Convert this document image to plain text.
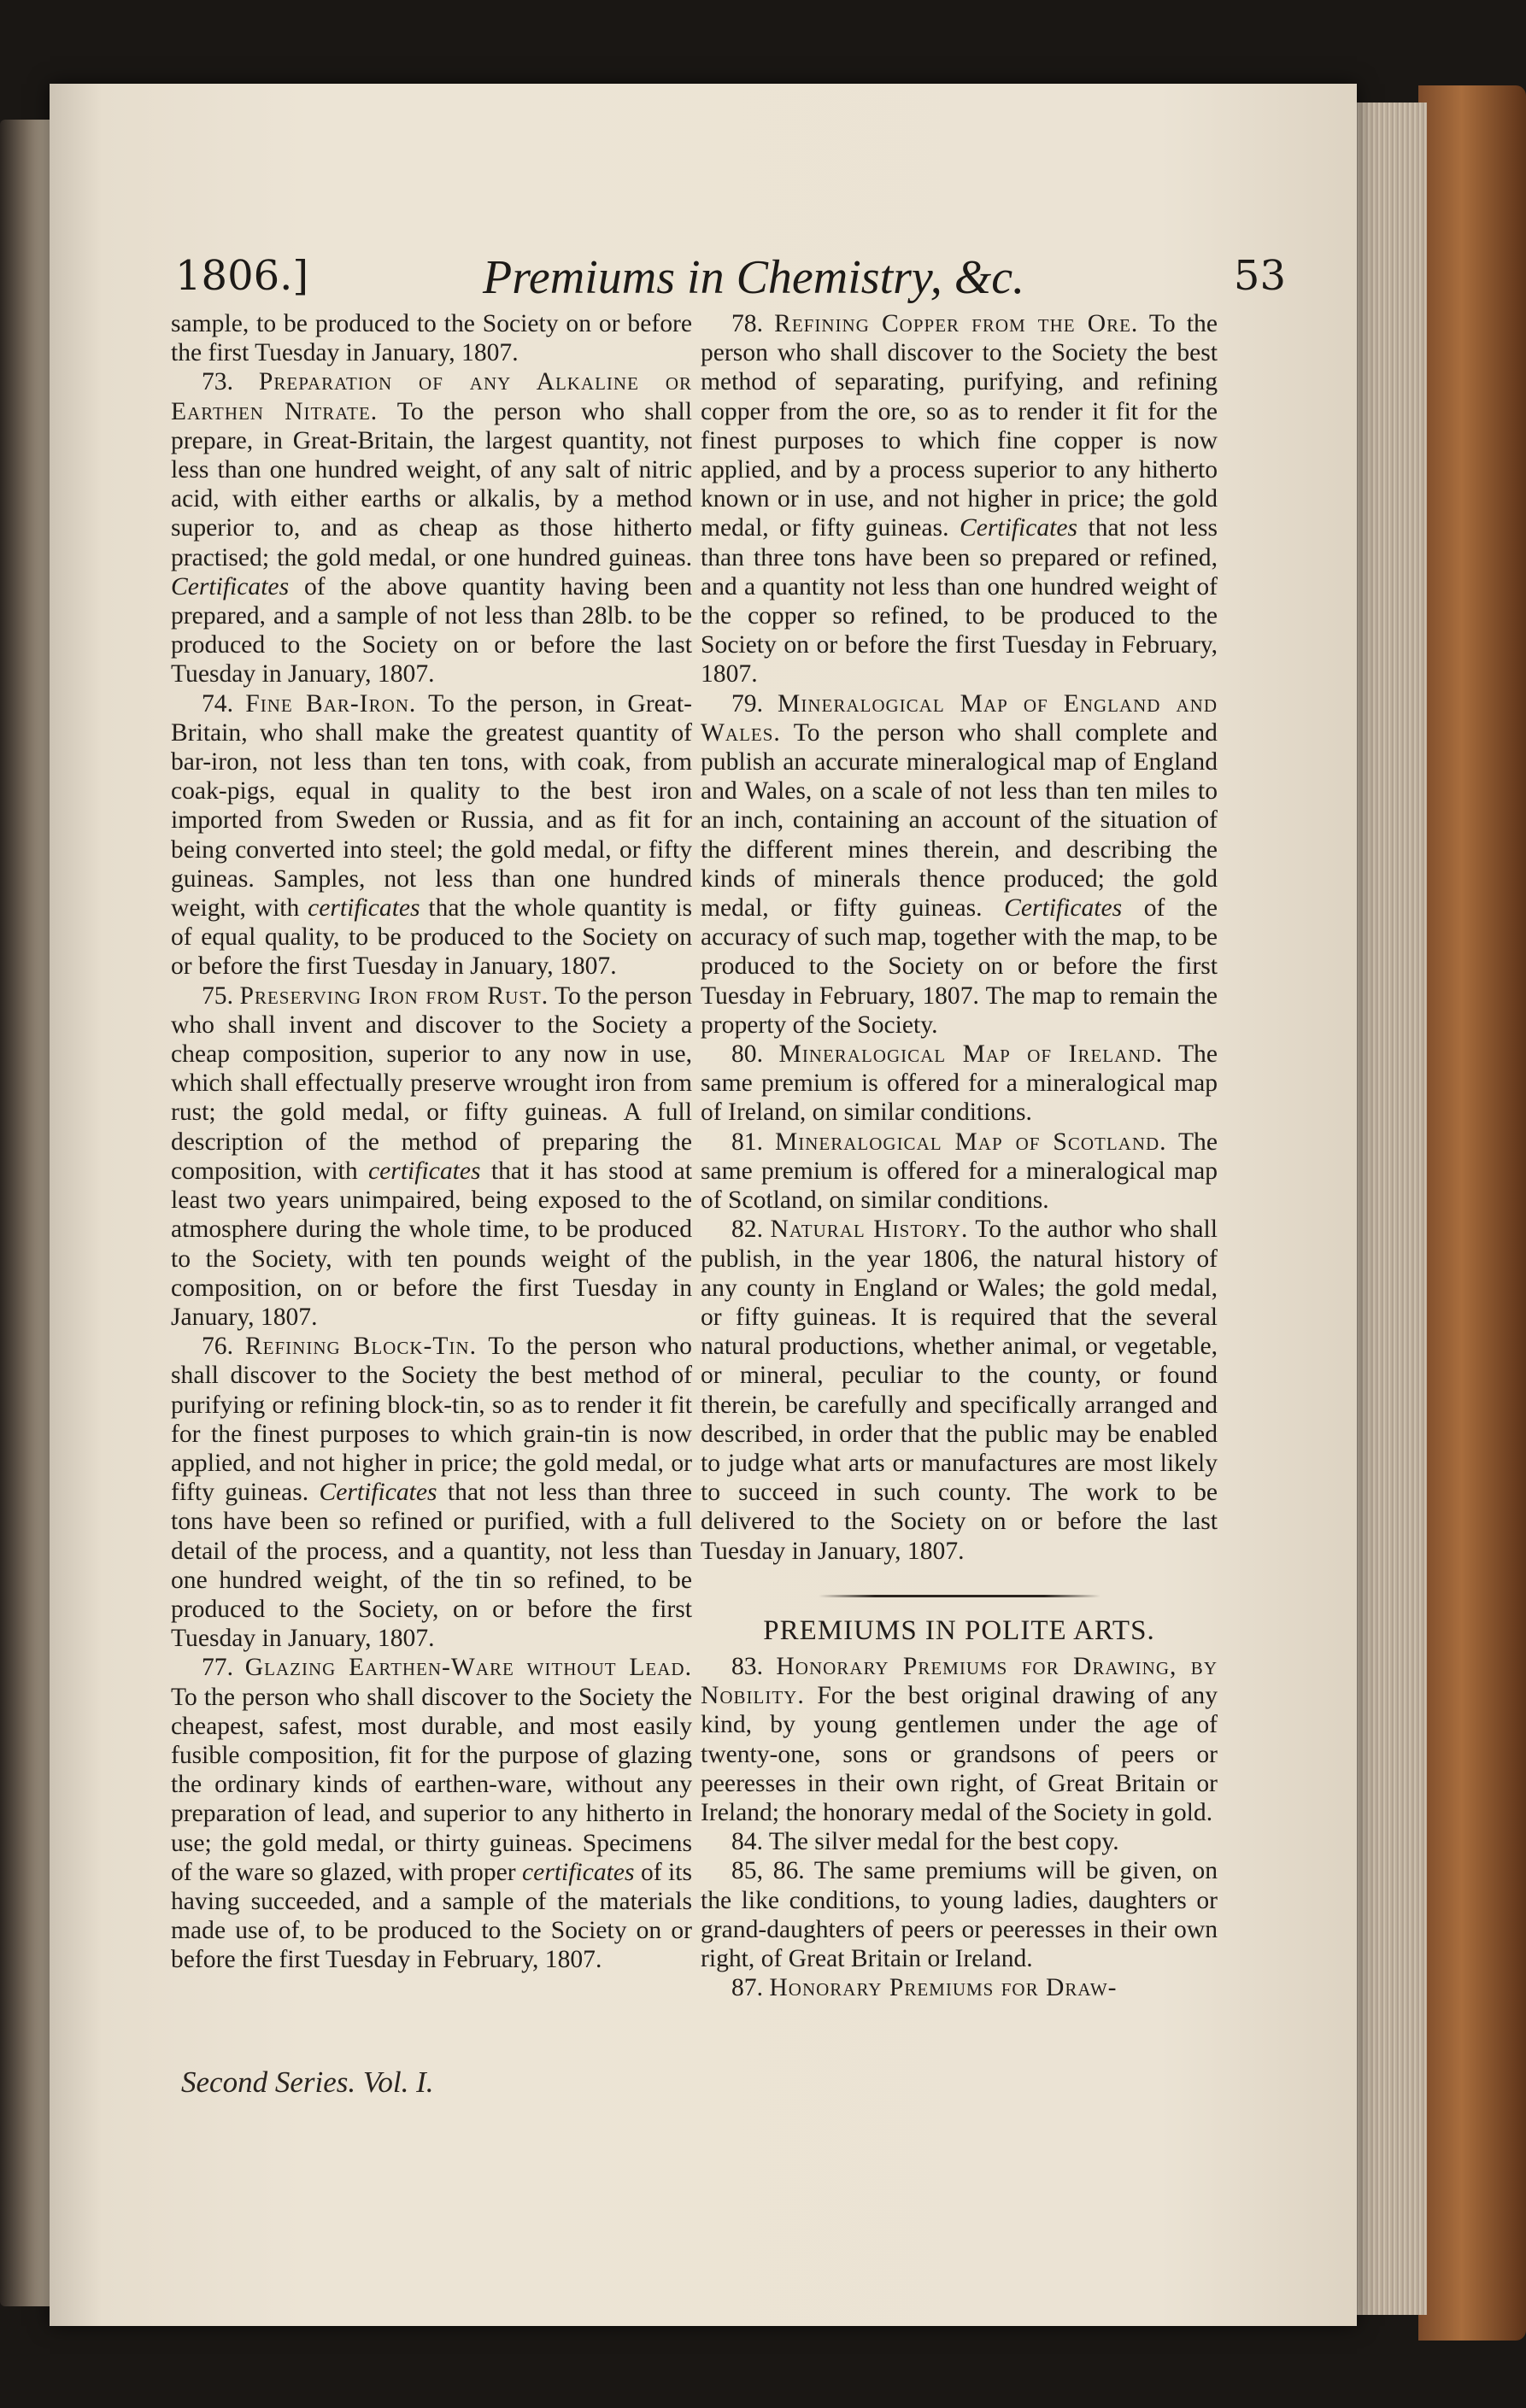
1806.]	Premiums in Chemistry, &c.	53

sample, to be produced to the Society on or before the first Tuesday in January, 1807.

73. Preparation of any Alkaline or Earthen Nitrate. To the person who shall prepare, in Great-Britain, the largest quantity, not less than one hundred weight, of any salt of nitric acid, with either earths or alkalis, by a method superior to, and as cheap as those hitherto practised; the gold medal, or one hundred guineas. Certificates of the above quantity having been prepared, and a sample of not less than 28lb. to be produced to the Society on or before the last Tuesday in January, 1807.

74. Fine Bar-Iron. To the person, in Great-Britain, who shall make the greatest quantity of bar-iron, not less than ten tons, with coak, from coak-pigs, equal in quality to the best iron imported from Sweden or Russia, and as fit for being converted into steel; the gold medal, or fifty guineas. Samples, not less than one hundred weight, with certificates that the whole quantity is of equal quality, to be produced to the Society on or before the first Tuesday in January, 1807.

75. Preserving Iron from Rust. To the person who shall invent and discover to the Society a cheap composition, superior to any now in use, which shall effectually preserve wrought iron from rust; the gold medal, or fifty guineas. A full description of the method of preparing the composition, with certificates that it has stood at least two years unimpaired, being exposed to the atmosphere during the whole time, to be produced to the Society, with ten pounds weight of the composition, on or before the first Tuesday in January, 1807.

76. Refining Block-Tin. To the person who shall discover to the Society the best method of purifying or refining block-tin, so as to render it fit for the finest purposes to which grain-tin is now applied, and not higher in price; the gold medal, or fifty guineas. Certificates that not less than three tons have been so refined or purified, with a full detail of the process, and a quantity, not less than one hundred weight, of the tin so refined, to be produced to the Society, on or before the first Tuesday in January, 1807.

77. Glazing Earthen-Ware without Lead. To the person who shall discover to the Society the cheapest, safest, most durable, and most easily fusible composition, fit for the purpose of glazing the ordinary kinds of earthen-ware, without any preparation of lead, and superior to any hitherto in use; the gold medal, or thirty guineas. Specimens of the ware so glazed, with proper certificates of its having succeeded, and a sample of the materials made use of, to be produced to the Society on or before the first Tuesday in February, 1807.

Second Series. Vol. I.

78. Refining Copper from the Ore. To the person who shall discover to the Society the best method of separating, purifying, and refining copper from the ore, so as to render it fit for the finest purposes to which fine copper is now applied, and by a process superior to any hitherto known or in use, and not higher in price; the gold medal, or fifty guineas. Certificates that not less than three tons have been so prepared or refined, and a quantity not less than one hundred weight of the copper so refined, to be produced to the Society on or before the first Tuesday in February, 1807.

79. Mineralogical Map of England and Wales. To the person who shall complete and publish an accurate mineralogical map of England and Wales, on a scale of not less than ten miles to an inch, containing an account of the situation of the different mines therein, and describing the kinds of minerals thence produced; the gold medal, or fifty guineas. Certificates of the accuracy of such map, together with the map, to be produced to the Society on or before the first Tuesday in February, 1807. The map to remain the property of the Society.

80. Mineralogical Map of Ireland. The same premium is offered for a mineralogical map of Ireland, on similar conditions.

81. Mineralogical Map of Scotland. The same premium is offered for a mineralogical map of Scotland, on similar conditions.

82. Natural History. To the author who shall publish, in the year 1806, the natural history of any county in England or Wales; the gold medal, or fifty guineas. It is required that the several natural productions, whether animal, or vegetable, or mineral, peculiar to the county, or found therein, be carefully and specifically arranged and described, in order that the public may be enabled to judge what arts or manufactures are most likely to succeed in such county. The work to be delivered to the Society on or before the last Tuesday in January, 1807.

PREMIUMS IN POLITE ARTS.

83. Honorary Premiums for Drawing, by Nobility. For the best original drawing of any kind, by young gentlemen under the age of twenty-one, sons or grandsons of peers or peeresses in their own right, of Great Britain or Ireland; the honorary medal of the Society in gold.

84. The silver medal for the best copy.

85, 86. The same premiums will be given, on the like conditions, to young ladies, daughters or grand-daughters of peers or peeresses in their own right, of Great Britain or Ireland.

87. Honorary Premiums for Draw-
